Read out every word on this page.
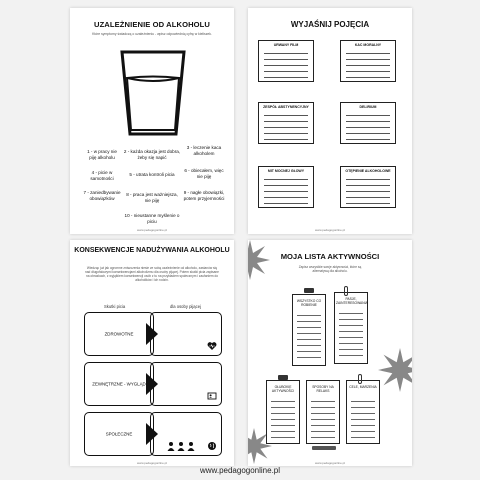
UZALEŻNIENIE OD ALKOHOLU
Które symptomy świadczą o uzależnieniu - wpisz odpowiednią cyfrę w kieliszek.
1 - w pracy nie piję alkoholu
2 - każda okazja jest dobra, żeby się napić
3 - leczenie kaca alkoholem
4 - picie w samotności
5 - utrata kontroli picia
6 - obiecałem, więc nie piję
7 - zaniedbywanie obowiązków
8 - praca jest ważniejsza, nie piję
9 - nagłe obowiązki, potem przyjemności
10 - nieustanne myślenie o piciu
www.pedagogonline.pl
WYJAŚNIJ POJĘCIA
URWANY FILM	KAC MORALNY
ZESPÓŁ ABSTYNENCYJNY	DELIRIUM
MIT MOCNEJ GŁOWY	OTĘPIENIE ALKOHOLOWE
www.pedagogonline.pl
KONSEKWENCJE NADUŻYWANIA ALKOHOLU
Wiedząc już jak ogromne zniszczenia niesie ze sobą uzależnienie od alkoholu, zastanów się nad długofalowymi konsekwencjami alkoholizmu dla osoby pijącej. Potem skutki picia zapisane na obrazkach, z wyjątkiem konsekwencji osób z tu na przykładem społecznym i zaufaniem do alkoholików i ich rodzin.
Skutki picia	dla osoby pijącej
ZDROWOTNE
ZEWNĘTRZNE - WYGLĄD
SPOŁECZNE
www.pedagogonline.pl
MOJA LISTA AKTYWNOŚCI
Zapisz wszystkie swoje aktywności, które są alternatywą dla alkoholu.
WSZYSTKO CO ROBIENIE
PASJE, ZAINTERESOWANIA
GŁUBOKIE AKTYWNOŚCI
SPOSOBY NA RELAKS
CELE, MARZENIA
www.pedagogonline.pl
www.pedagogonline.pl
